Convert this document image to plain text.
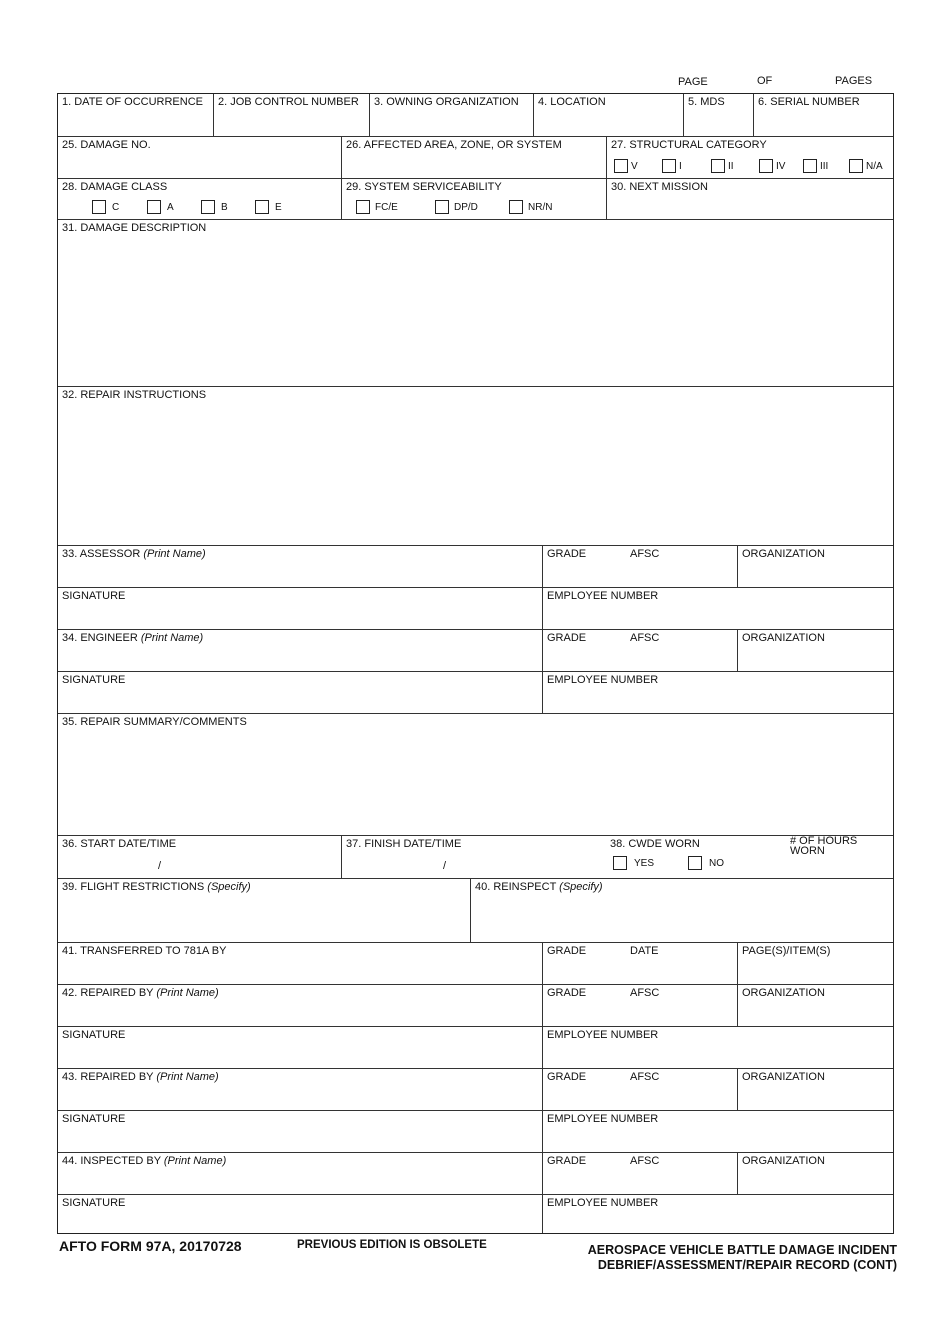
PAGE	OF	PAGES
1. DATE OF OCCURRENCE 2. JOB CONTROL NUMBER 3. OWNING ORGANIZATION 4. LOCATION	5. MDS	6. SERIAL NUMBER
25. DAMAGE NO.	26. AFFECTED AREA, ZONE, OR SYSTEM	27. STRUCTURAL CATEGORY
V	I	II	IV	III	N/A
28. DAMAGE CLASS
C	A	B	E
29. SYSTEM SERVICEABILITY
FC/E	DP/D	NR/N
30. NEXT MISSION
31. DAMAGE DESCRIPTION
32. REPAIR INSTRUCTIONS
33. ASSESSOR (Print Name)	GRADE	AFSC	ORGANIZATION
SIGNATURE	EMPLOYEE NUMBER
34. ENGINEER (Print Name)	GRADE	AFSC	ORGANIZATION
SIGNATURE	EMPLOYEE NUMBER
35. REPAIR SUMMARY/COMMENTS
36. START DATE/TIME
/
37. FINISH DATE/TIME
/
38. CWDE WORN
YES	NO
# OF HOURS
WORN
39. FLIGHT RESTRICTIONS (Specify)	40. REINSPECT (Specify)
41. TRANSFERRED TO 781A BY	GRADE	DATE	PAGE(S)/ITEM(S)
42. REPAIRED BY (Print Name)	GRADE	AFSC	ORGANIZATION
SIGNATURE	EMPLOYEE NUMBER
43. REPAIRED BY (Print Name)	GRADE	AFSC	ORGANIZATION
SIGNATURE	EMPLOYEE NUMBER
44. INSPECTED BY (Print Name)	GRADE	AFSC	ORGANIZATION
SIGNATURE	EMPLOYEE NUMBER
AFTO FORM 97A, 20170728	PREVIOUS EDITION IS OBSOLETE	AEROSPACE VEHICLE BATTLE DAMAGE INCIDENT
DEBRIEF/ASSESSMENT/REPAIR RECORD (CONT)
